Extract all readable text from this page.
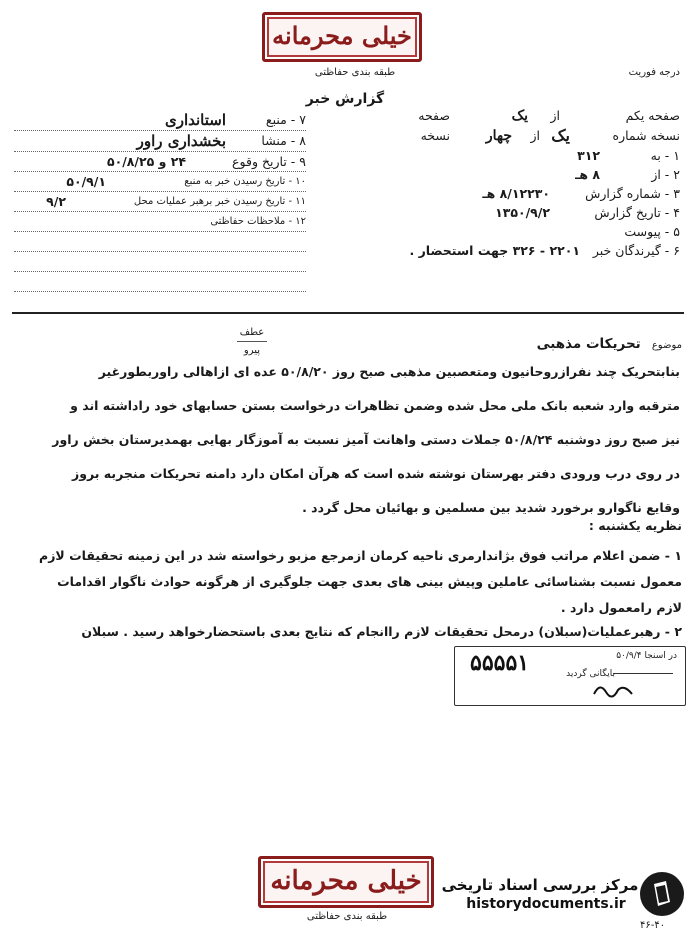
خیلی محرمانه
طبقه بندی حفاظتی	درجه فوریت
گزارش خبر
صفحه یکم
یک از
صفحه
نسخه شماره
یک
از
چهار
نسخه
۱ - به
۳۱۲
۲ - از
۸ هـ
۳ - شماره گزارش
۸/۱۲۲۳۰ هـ
۴ - تاریخ گزارش
۱۳۵۰/۹/۲
۵ - پیوست
۶ - گیرندگان خبر
۲۲۰۱ - ۳۲۶ جهت استحضار .
۷ - منبع
استانداری
۸ - منشا
بخشداری راور
۹ - تاریخ وقوع
۲۴ و ۵۰/۸/۲۵
۱۰ - تاریخ رسیدن خبر به منبع
۵۰/۹/۱
۱۱ - تاریخ رسیدن خبر برهبر عملیات محل
۹/۲
۱۲ - ملاحظات حفاظتی
عطف
پیرو	موضوع تحریکات مذهبی
بنابتحریک چند نفرازروحانیون ومتعصبین مذهبی صبح روز ۵۰/۸/۲۰ عده ای ازاهالی راوربطورغیر
مترقبه وارد شعبه بانک ملی محل شده وضمن تظاهرات درخواست بستن حسابهای خود راداشته اند و
نیز صبح روز دوشنبه ۵۰/۸/۲۴ جملات دستی واهانت آمیز نسبت به آموزگار بهایی بهمدیرستان بخش راور
در روی درب ورودی دفتر بهرستان نوشته شده است که هرآن امکان دارد دامنه تحریکات منجربه بروز
وقایع ناگوارو برخورد شدید بین مسلمین و بهائیان محل گردد .
نظریه یکشنبه :
۱ - ضمن اعلام مراتب فوق بژاندارمری ناحیه کرمان ازمرجع مزبو رخواسته شد در این زمینه تحقیقات لازم
معمول نسبت بشناسائی عاملین وپیش بینی های بعدی جهت جلوگیری از هرگونه حوادث ناگوار اقدامات
لازم رامعمول دارد .
۲ - رهبرعملیات(سبلان) درمحل تحقیقات لازم راانجام که نتایج بعدی باستحضارخواهد رسید . سبلان
در اسنجا ۵۰/۹/۴
بایگانی گردید
۵۵۵۵۱
خیلی محرمانه
طبقه بندی حفاظتی
مرکز بررسی اسناد تاریخی
historydocuments.ir
۴۶-۴۰
